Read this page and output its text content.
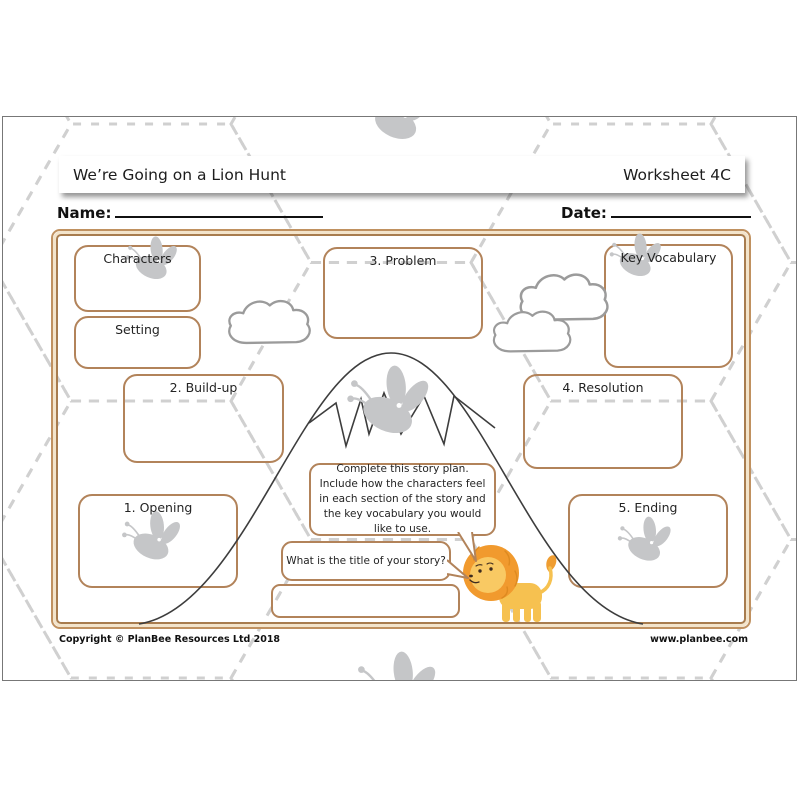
Characters
Setting
2. Build-up
3. Problem	Key Vocabulary
4. Resolution
1. Opening	5. Ending
Complete this story plan. Include how the characters feel in each section of the story and the key vocabulary you would like to use.
What is the title of your story?
We’re Going on a Lion Hunt	Worksheet 4C
Name:	Date:
Copyright © PlanBee Resources Ltd 2018	www.planbee.com
